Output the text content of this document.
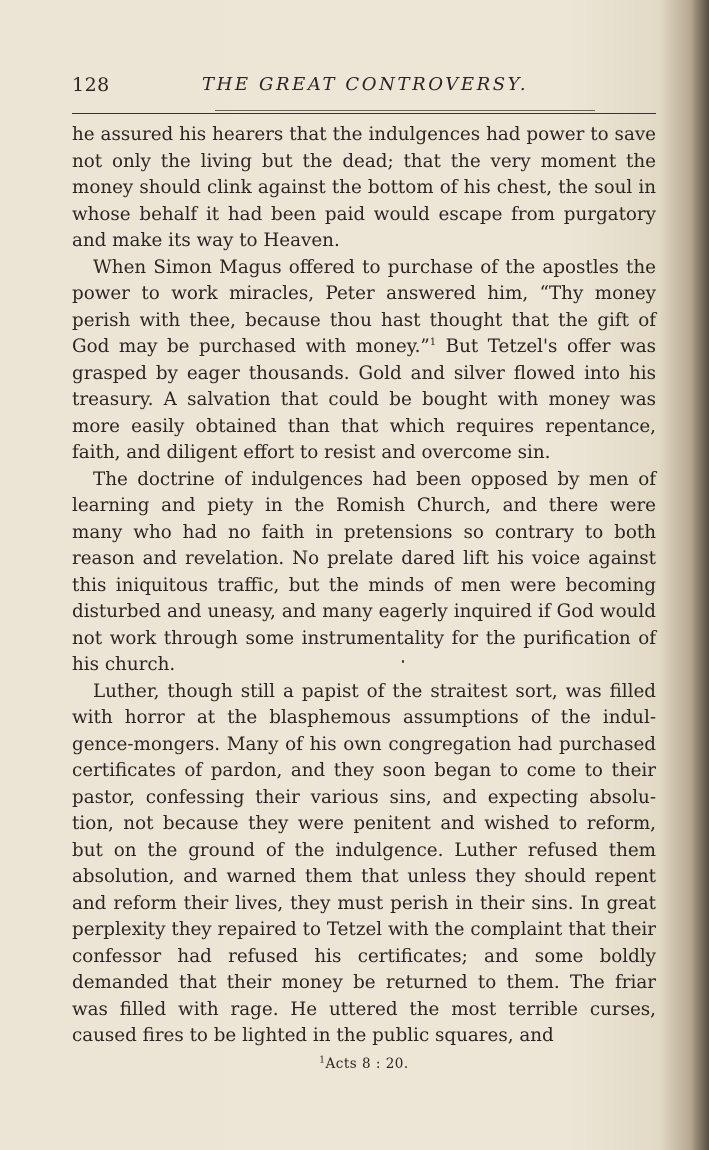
128	THE GREAT CONTROVERSY.

he assured his hearers that the indulgences had power to save not only the living but the dead; that the very moment the money should clink against the bottom of his chest, the soul in whose behalf it had been paid would escape from purgatory and make its way to Heaven.

When Simon Magus offered to purchase of the apostles the power to work miracles, Peter answered him, “Thy money perish with thee, because thou hast thought that the gift of God may be purchased with money.”$^1$ But Tetzel's offer was grasped by eager thousands. Gold and silver flowed into his treasury. A salvation that could be bought with money was more easily obtained than that which requires repentance, faith, and diligent effort to resist and overcome sin.

The doctrine of indulgences had been opposed by men of learning and piety in the Romish Church, and there were many who had no faith in pretensions so contrary to both reason and revelation. No prelate dared lift his voice against this iniquitous traffic, but the minds of men were becoming disturbed and uneasy, and many eagerly inquired if God would not work through some instrumentality for the purification of his church.

Luther, though still a papist of the straitest sort, was filled with horror at the blasphemous assumptions of the indulgence-mongers. Many of his own congregation had purchased certificates of pardon, and they soon began to come to their pastor, confessing their various sins, and expecting absolution, not because they were penitent and wished to reform, but on the ground of the indulgence. Luther refused them absolution, and warned them that unless they should repent and reform their lives, they must perish in their sins. In great perplexity they repaired to Tetzel with the complaint that their confessor had refused his certificates; and some boldly demanded that their money be returned to them. The friar was filled with rage. He uttered the most terrible curses, caused fires to be lighted in the public squares, and

$^1$Acts 8 : 20.
